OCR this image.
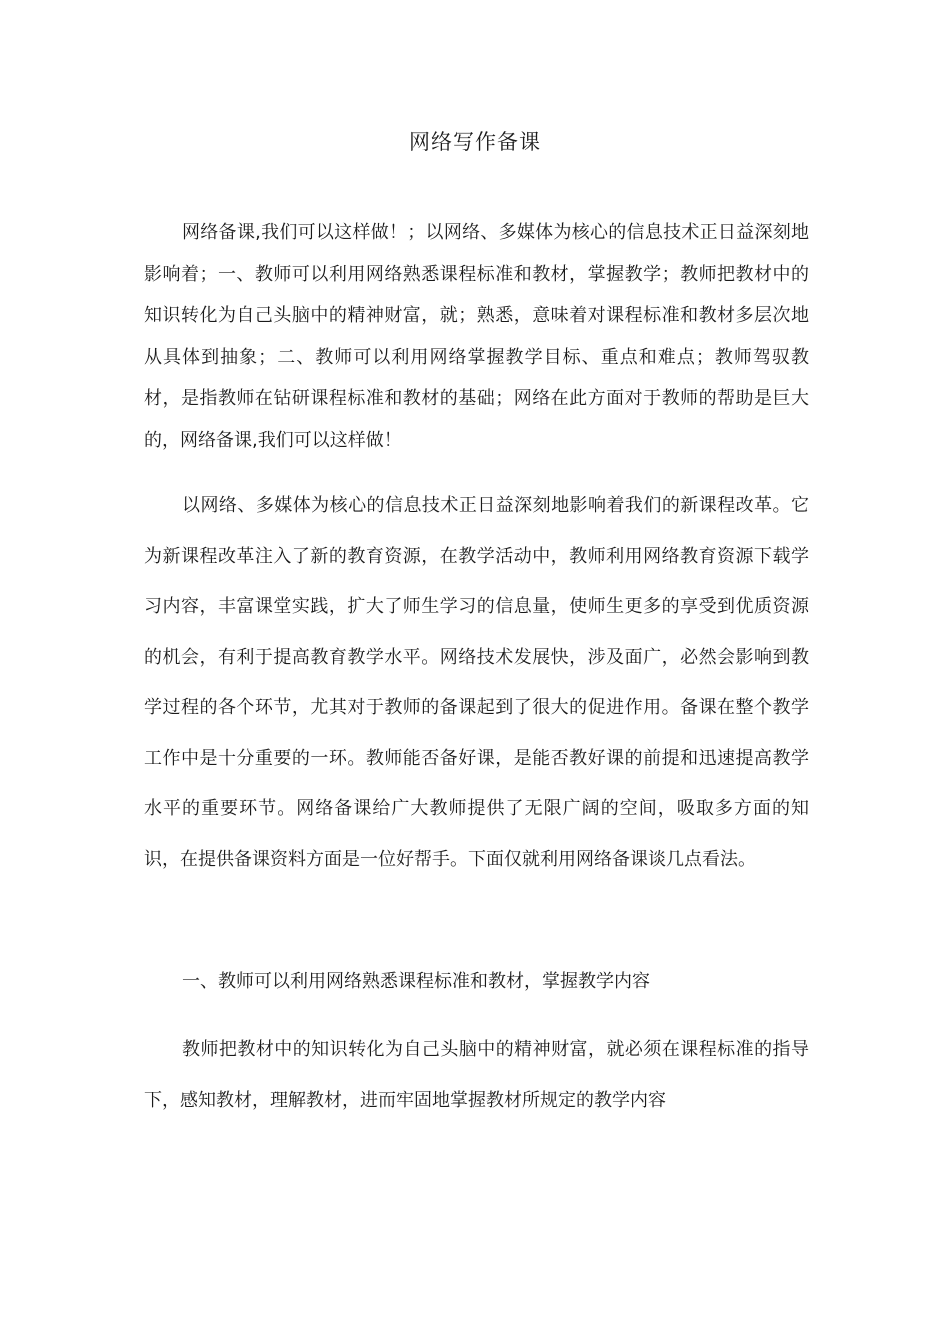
网络写作备课

网络备课,我们可以这样做！；以网络、多媒体为核心的信息技术正日益深刻地影响着；一、教师可以利用网络熟悉课程标准和教材，掌握教学；教师把教材中的知识转化为自己头脑中的精神财富，就；熟悉，意味着对课程标准和教材多层次地从具体到抽象；二、教师可以利用网络掌握教学目标、重点和难点；教师驾驭教材，是指教师在钻研课程标准和教材的基础；网络在此方面对于教师的帮助是巨大的，网络备课,我们可以这样做！

以网络、多媒体为核心的信息技术正日益深刻地影响着我们的新课程改革。它为新课程改革注入了新的教育资源，在教学活动中，教师利用网络教育资源下载学习内容，丰富课堂实践，扩大了师生学习的信息量，使师生更多的享受到优质资源的机会，有利于提高教育教学水平。网络技术发展快，涉及面广，必然会影响到教学过程的各个环节，尤其对于教师的备课起到了很大的促进作用。备课在整个教学工作中是十分重要的一环。教师能否备好课，是能否教好课的前提和迅速提高教学水平的重要环节。网络备课给广大教师提供了无限广阔的空间，吸取多方面的知识，在提供备课资料方面是一位好帮手。下面仅就利用网络备课谈几点看法。

一、教师可以利用网络熟悉课程标准和教材，掌握教学内容

教师把教材中的知识转化为自己头脑中的精神财富，就必须在课程标准的指导下，感知教材，理解教材，进而牢固地掌握教材所规定的教学内容
